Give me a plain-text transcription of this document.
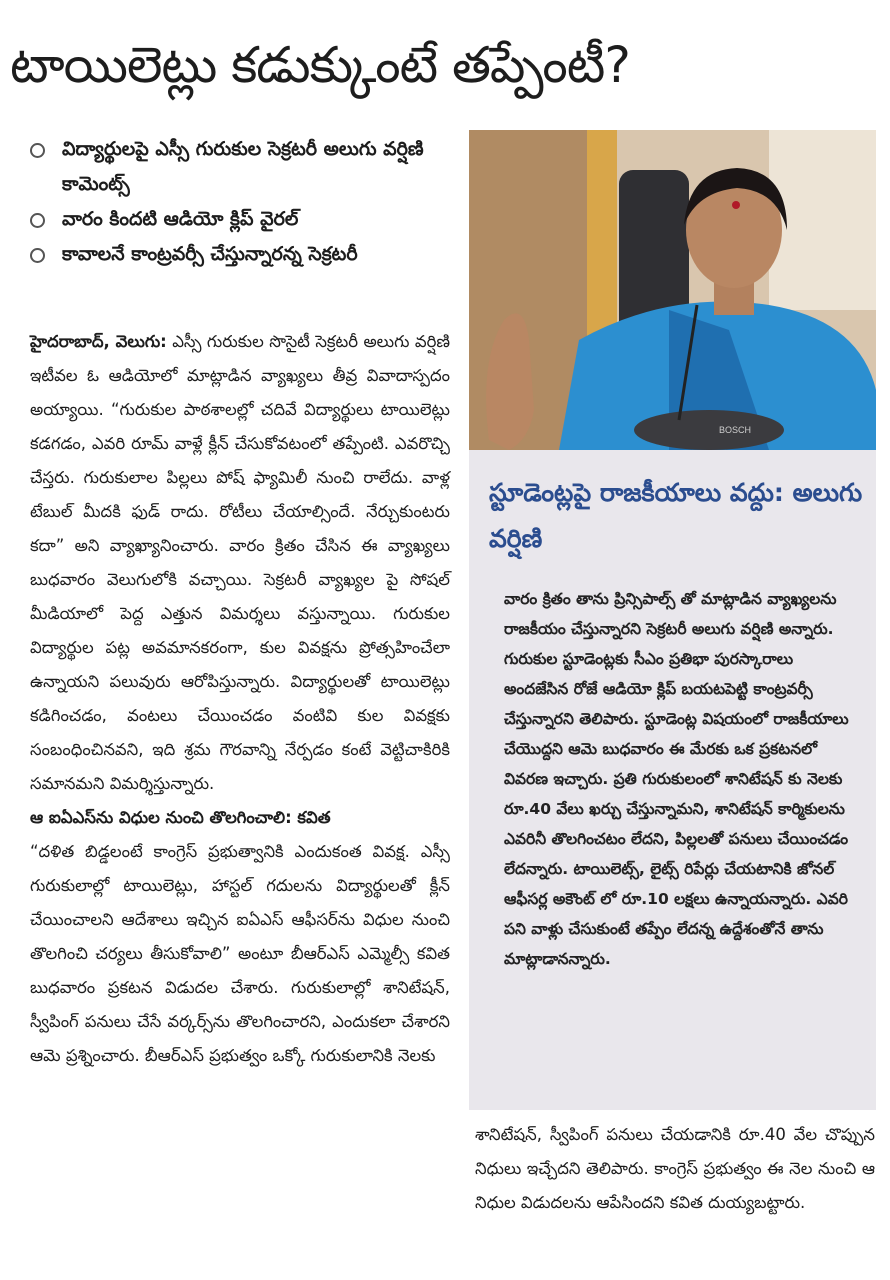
టాయిలెట్లు కడుక్కుంటే తప్పేంటీ?
విద్యార్థులపై ఎస్సీ గురుకుల సెక్రటరీ అలుగు వర్షిణి కామెంట్స్
వారం కిందటి ఆడియో క్లిప్ వైరల్
కావాలనే కాంట్రవర్సీ చేస్తున్నారన్న సెక్రటరీ

హైదరాబాద్, వెలుగు: ఎస్సీ గురుకుల సొసైటీ సెక్రటరీ అలుగు వర్షిణి ఇటీవల ఓ ఆడియోలో మాట్లాడిన వ్యాఖ్యలు తీవ్ర వివాదాస్పదం అయ్యాయి. “గురుకుల పాఠశాలల్లో చదివే విద్యార్థులు టాయిలెట్లు కడగడం, ఎవరి రూమ్ వాళ్లే క్లీన్ చేసుకోవటంలో తప్పేంటి. ఎవరొచ్చి చేస్తరు. గురుకులాల పిల్లలు పోష్ ఫ్యామిలీ నుంచి రాలేదు. వాళ్ల టేబుల్ మీదకి ఫుడ్ రాదు. రోటీలు చేయాల్సిందే. నేర్చుకుంటరు కదా” అని వ్యాఖ్యానించారు. వారం క్రితం చేసిన ఈ వ్యాఖ్యలు బుధవారం వెలుగులోకి వచ్చాయి. సెక్రటరీ వ్యాఖ్యల పై సోషల్ మీడియాలో పెద్ద ఎత్తున విమర్శలు వస్తున్నాయి. గురుకుల విద్యార్థుల పట్ల అవమానకరంగా, కుల వివక్షను ప్రోత్సహించేలా ఉన్నాయని పలువురు ఆరోపిస్తున్నారు. విద్యార్థులతో టాయిలెట్లు కడిగించడం, వంటలు చేయించడం వంటివి కుల వివక్షకు సంబంధించినవని, ఇది శ్రమ గౌరవాన్ని నేర్పడం కంటే వెట్టిచాకిరికి సమానమని విమర్శిస్తున్నారు.

ఆ ఐఏఎస్‌ను విధుల నుంచి తొలగించాలి: కవిత

“దళిత బిడ్డలంటే కాంగ్రెస్ ప్రభుత్వానికి ఎందుకంత వివక్ష. ఎస్సీ గురుకులాల్లో టాయిలెట్లు, హాస్టల్ గదులను విద్యార్థులతో క్లీన్ చేయించాలని ఆదేశాలు ఇచ్చిన ఐఏఎస్ ఆఫీసర్‌ను విధుల నుంచి తొలగించి చర్యలు తీసుకోవాలి” అంటూ బీఆర్ఎస్ ఎమ్మెల్సీ కవిత బుధవారం ప్రకటన విడుదల చేశారు. గురుకులాల్లో శానిటేషన్, స్వీపింగ్ పనులు చేసే వర్కర్స్‌ను తొలగించారని, ఎందుకలా చేశారని ఆమె ప్రశ్నించారు. బీఆర్ఎస్ ప్రభుత్వం ఒక్కో గురుకులానికి నెలకు

BOSCH
స్టూడెంట్లపై రాజకీయాలు వద్దు: అలుగు వర్షిణి
వారం క్రితం తాను ప్రిన్సిపాల్స్ తో మాట్లాడిన వ్యాఖ్యలను రాజకీయం చేస్తున్నారని సెక్రటరీ అలుగు వర్షిణి అన్నారు. గురుకుల స్టూడెంట్లకు సీఎం ప్రతిభా పురస్కారాలు అందజేసిన రోజే ఆడియో క్లిప్ బయటపెట్టి కాంట్రవర్సీ చేస్తున్నారని తెలిపారు. స్టూడెంట్ల విషయంలో రాజకీయాలు చేయొద్దని ఆమె బుధవారం ఈ మేరకు ఒక ప్రకటనలో వివరణ ఇచ్చారు. ప్రతి గురుకులంలో శానిటేషన్ కు నెలకు రూ.40 వేలు ఖర్చు చేస్తున్నామని, శానిటేషన్ కార్మికులను ఎవరినీ తొలగించటం లేదని, పిల్లలతో పనులు చేయించడం లేదన్నారు. టాయిలెట్స్, లైట్స్ రిపేర్లు చేయటానికి జోనల్ ఆఫీసర్ల అకౌంట్ లో రూ.10 లక్షలు ఉన్నాయన్నారు. ఎవరి పని వాళ్లు చేసుకుంటే తప్పేం లేదన్న ఉద్దేశంతోనే తాను మాట్లాడానన్నారు.
శానిటేషన్, స్వీపింగ్ పనులు చేయడానికి రూ.40 వేల చొప్పున నిధులు ఇచ్చేదని తెలిపారు. కాంగ్రెస్ ప్రభుత్వం ఈ నెల నుంచి ఆ నిధుల విడుదలను ఆపేసిందని కవిత దుయ్యబట్టారు.
